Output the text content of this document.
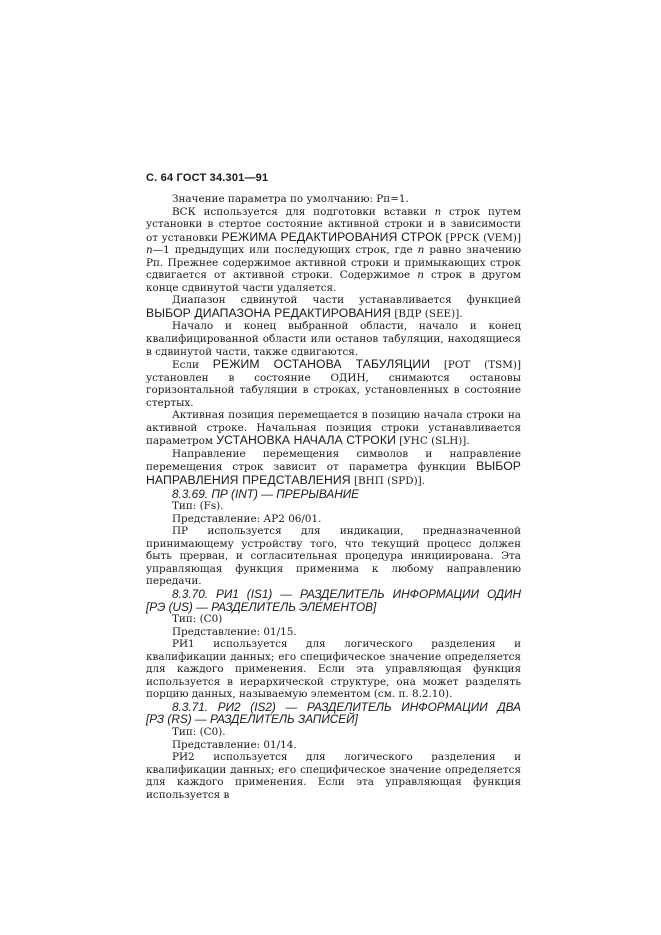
С. 64 ГОСТ 34.301—91

Значение параметра по умолчанию: Рп=1.

ВСК используется для подготовки вставки n строк путем установки в стертое состояние активной строки и в зависимости от установки РЕЖИМА РЕДАКТИРОВАНИЯ СТРОК [РРСК (VEM)] n—1 предыдущих или последующих строк, где n равно значению Рп. Прежнее содержимое активной строки и примыкающих строк сдвигается от активной строки. Содержимое n строк в другом конце сдвинутой части удаляется.

Диапазон сдвинутой части устанавливается функцией ВЫБОР ДИАПАЗОНА РЕДАКТИРОВАНИЯ [ВДР (SEE)].

Начало и конец выбранной области, начало и конец квалифицированной области или останов табуляции, находящиеся в сдвинутой части, также сдвигаются.

Если РЕЖИМ ОСТАНОВА ТАБУЛЯЦИИ [РОТ (TSM)] установлен в состояние ОДИН, снимаются остановы горизонтальной табуляции в строках, установленных в состояние стертых.

Активная позиция перемещается в позицию начала строки на активной строке. Начальная позиция строки устанавливается параметром УСТАНОВКА НАЧАЛА СТРОКИ [УНС (SLH)].

Направление перемещения символов и направление перемещения строк зависит от параметра функции ВЫБОР НАПРАВЛЕНИЯ ПРЕДСТАВЛЕНИЯ [ВНП (SPD)].

8.3.69. ПР (INT) — ПРЕРЫВАНИЕ

Тип: (Fs).

Представление: АР2 06/01.

ПР используется для индикации, предназначенной принимающему устройству того, что текущий процесс должен быть прерван, и согласительная процедура инициирована. Эта управляющая функция применима к любому направлению передачи.

8.3.70. РИ1 (IS1) — РАЗДЕЛИТЕЛЬ ИНФОРМАЦИИ ОДИН
[РЭ (US) — РАЗДЕЛИТЕЛЬ ЭЛЕМЕНТОВ]

Тип: (С0)

Представление: 01/15.

РИ1 используется для логического разделения и квалификации данных; его специфическое значение определяется для каждого применения. Если эта управляющая функция используется в иерархической структуре, она может разделять порцию данных, называемую элементом (см. п. 8.2.10).

8.3.71. РИ2 (IS2) — РАЗДЕЛИТЕЛЬ ИНФОРМАЦИИ ДВА
[РЗ (RS) — РАЗДЕЛИТЕЛЬ ЗАПИСЕЙ]

Тип: (С0).

Представление: 01/14.

РИ2 используется для логического разделения и квалификации данных; его специфическое значение определяется для каждого применения. Если эта управляющая функция используется в
